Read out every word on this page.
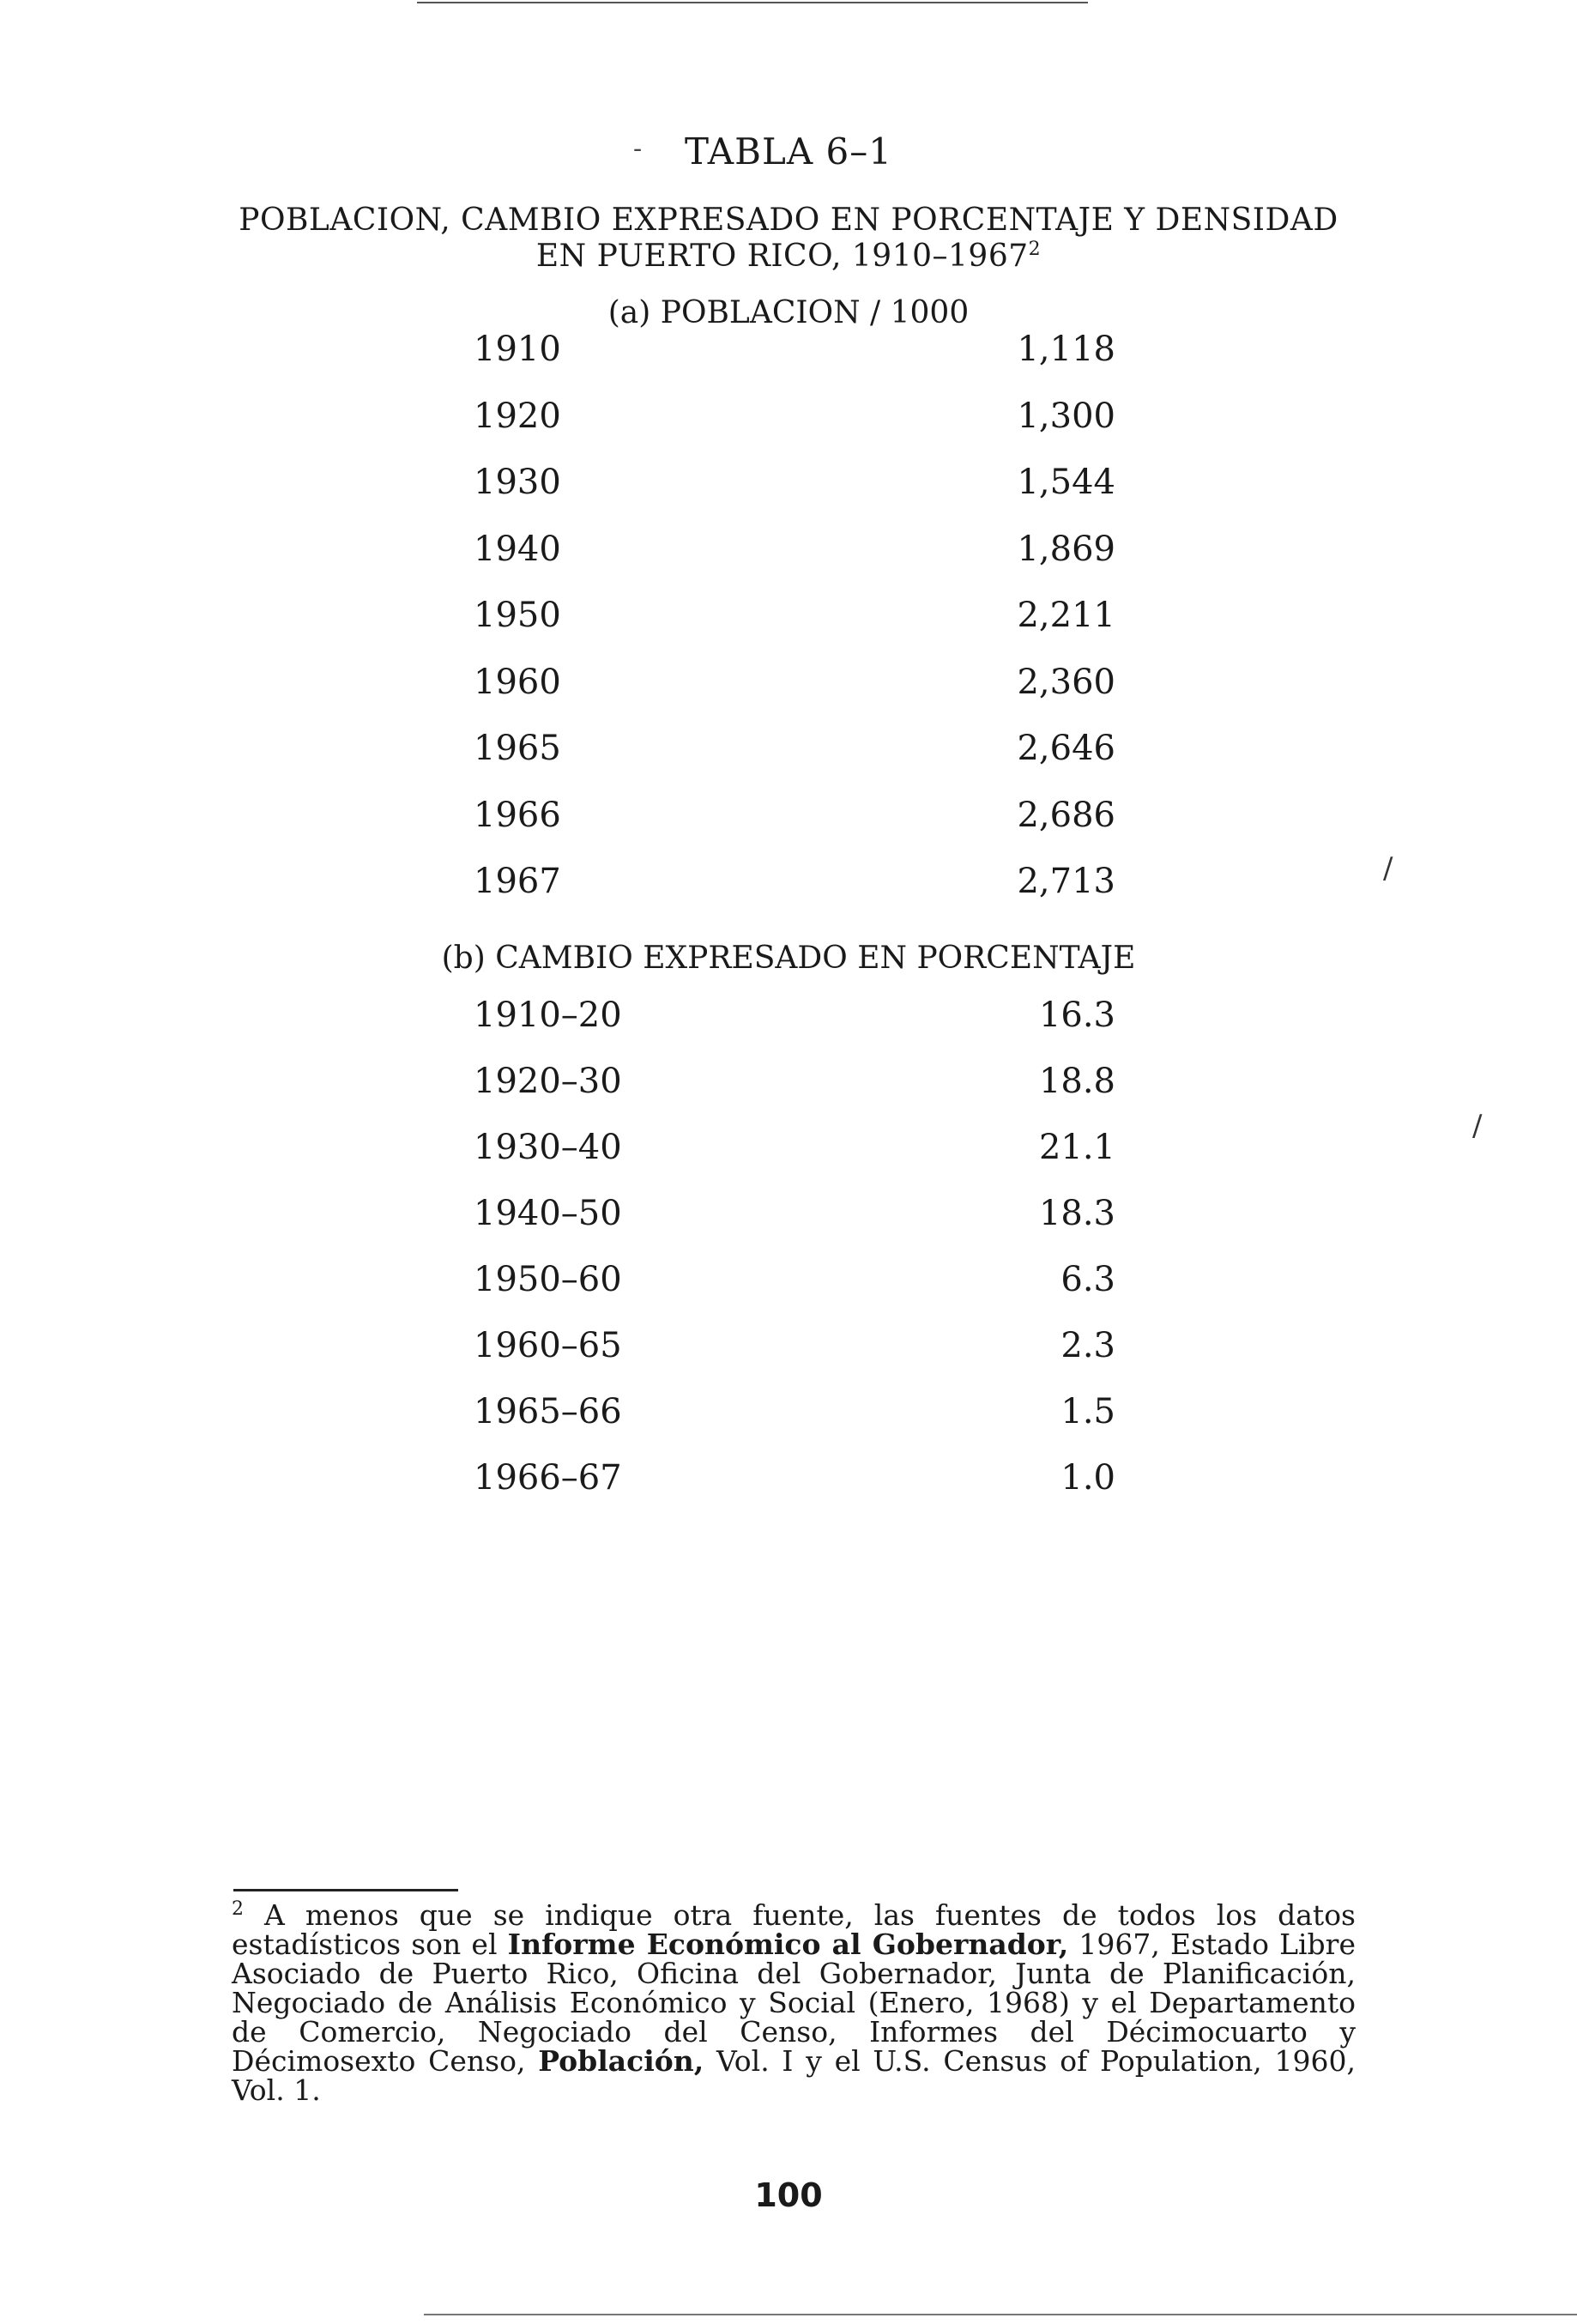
/
/
- TABLA 6–1
POBLACION, CAMBIO EXPRESADO EN PORCENTAJE Y DENSIDAD
EN PUERTO RICO, 1910–1967$^2$
(a) POBLACION / 1000
1910	1,118
1920	1,300
1930	1,544
1940	1,869
1950	2,211
1960	2,360
1965	2,646
1966	2,686
1967	2,713
(b) CAMBIO EXPRESADO EN PORCENTAJE
1910–20	16.3
1920–30	18.8
1930–40	21.1
1940–50	18.3
1950–60	6.3
1960–65	2.3
1965–66	1.5
1966–67	1.0
$^2$ A menos que se indique otra fuente, las fuentes de todos los datos estadísticos son el Informe Económico al Gobernador, 1967, Estado Libre Asociado de Puerto Rico, Oficina del Gobernador, Junta de Planificación, Negociado de Análisis Económico y Social (Enero, 1968) y el Departamento de Comercio, Negociado del Censo, Informes del Décimocuarto y Décimosexto Censo, Población, Vol. I y el U.S. Census of Population, 1960, Vol. 1.
100
